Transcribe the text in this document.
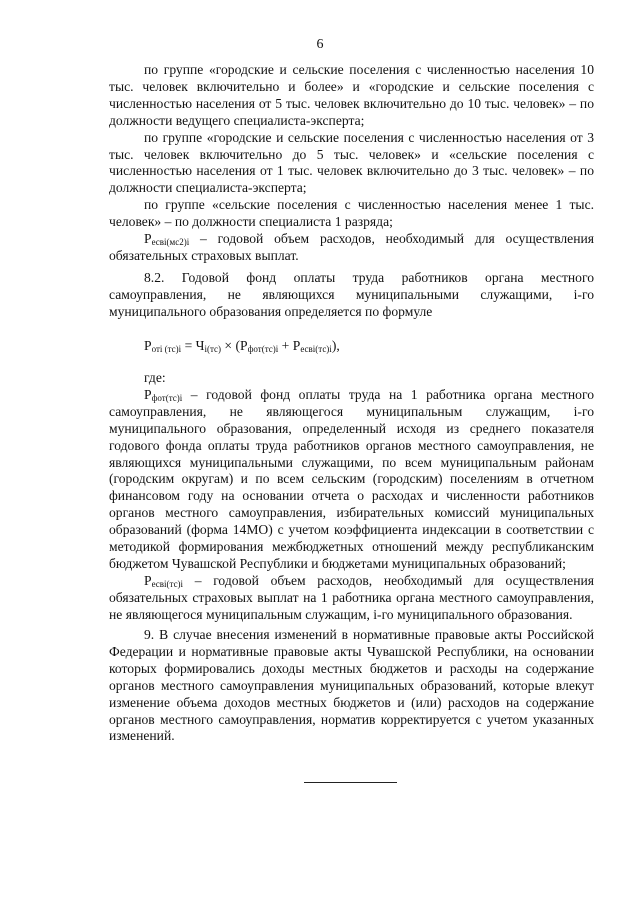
6

по группе «городские и сельские поселения с численностью населения 10 тыс. человек включительно и более» и «городские и сельские поселения с численностью населения от 5 тыс. человек включительно до 10 тыс. человек» – по должности ведущего специалиста-эксперта;

по группе «городские и сельские поселения с численностью населения от 3 тыс. человек включительно до 5 тыс. человек» и «сельские поселения с численностью населения от 1 тыс. человек включительно до 3 тыс. человек» – по должности специалиста-эксперта;

по группе «сельские поселения с численностью населения менее 1 тыс. человек» – по должности специалиста 1 разряда;

$P_{есвi(мс2)i}$ – годовой объем расходов, необходимый для осуществления обязательных страховых выплат.

8.2. Годовой фонд оплаты труда работников органа местного самоуправления, не являющихся муниципальными служащими, i-го муниципального образования определяется по формуле

$P_{отi (тс)i} = Ч_{i(тс)} \times (P_{фот(тс)i} + P_{есвi(тс)i})$,

где:

$P_{фот(тс)i}$ – годовой фонд оплаты труда на 1 работника органа местного самоуправления, не являющегося муниципальным служащим, i-го муниципального образования, определенный исходя из среднего показателя годового фонда оплаты труда работников органов местного самоуправления, не являющихся муниципальными служащими, по всем муниципальным районам (городским округам) и по всем сельским (городским) поселениям в отчетном финансовом году на основании отчета о расходах и численности работников органов местного самоуправления, избирательных комиссий муниципальных образований (форма 14МО) с учетом коэффициента индексации в соответствии с методикой формирования межбюджетных отношений между республиканским бюджетом Чувашской Республики и бюджетами муниципальных образований;

$P_{есвi(тс)i}$ – годовой объем расходов, необходимый для осуществления обязательных страховых выплат на 1 работника органа местного самоуправления, не являющегося муниципальным служащим, i-го муниципального образования.

9. В случае внесения изменений в нормативные правовые акты Российской Федерации и нормативные правовые акты Чувашской Республики, на основании которых формировались доходы местных бюджетов и расходы на содержание органов местного самоуправления муниципальных образований, которые влекут изменение объема доходов местных бюджетов и (или) расходов на содержание органов местного самоуправления, норматив корректируется с учетом указанных изменений.
